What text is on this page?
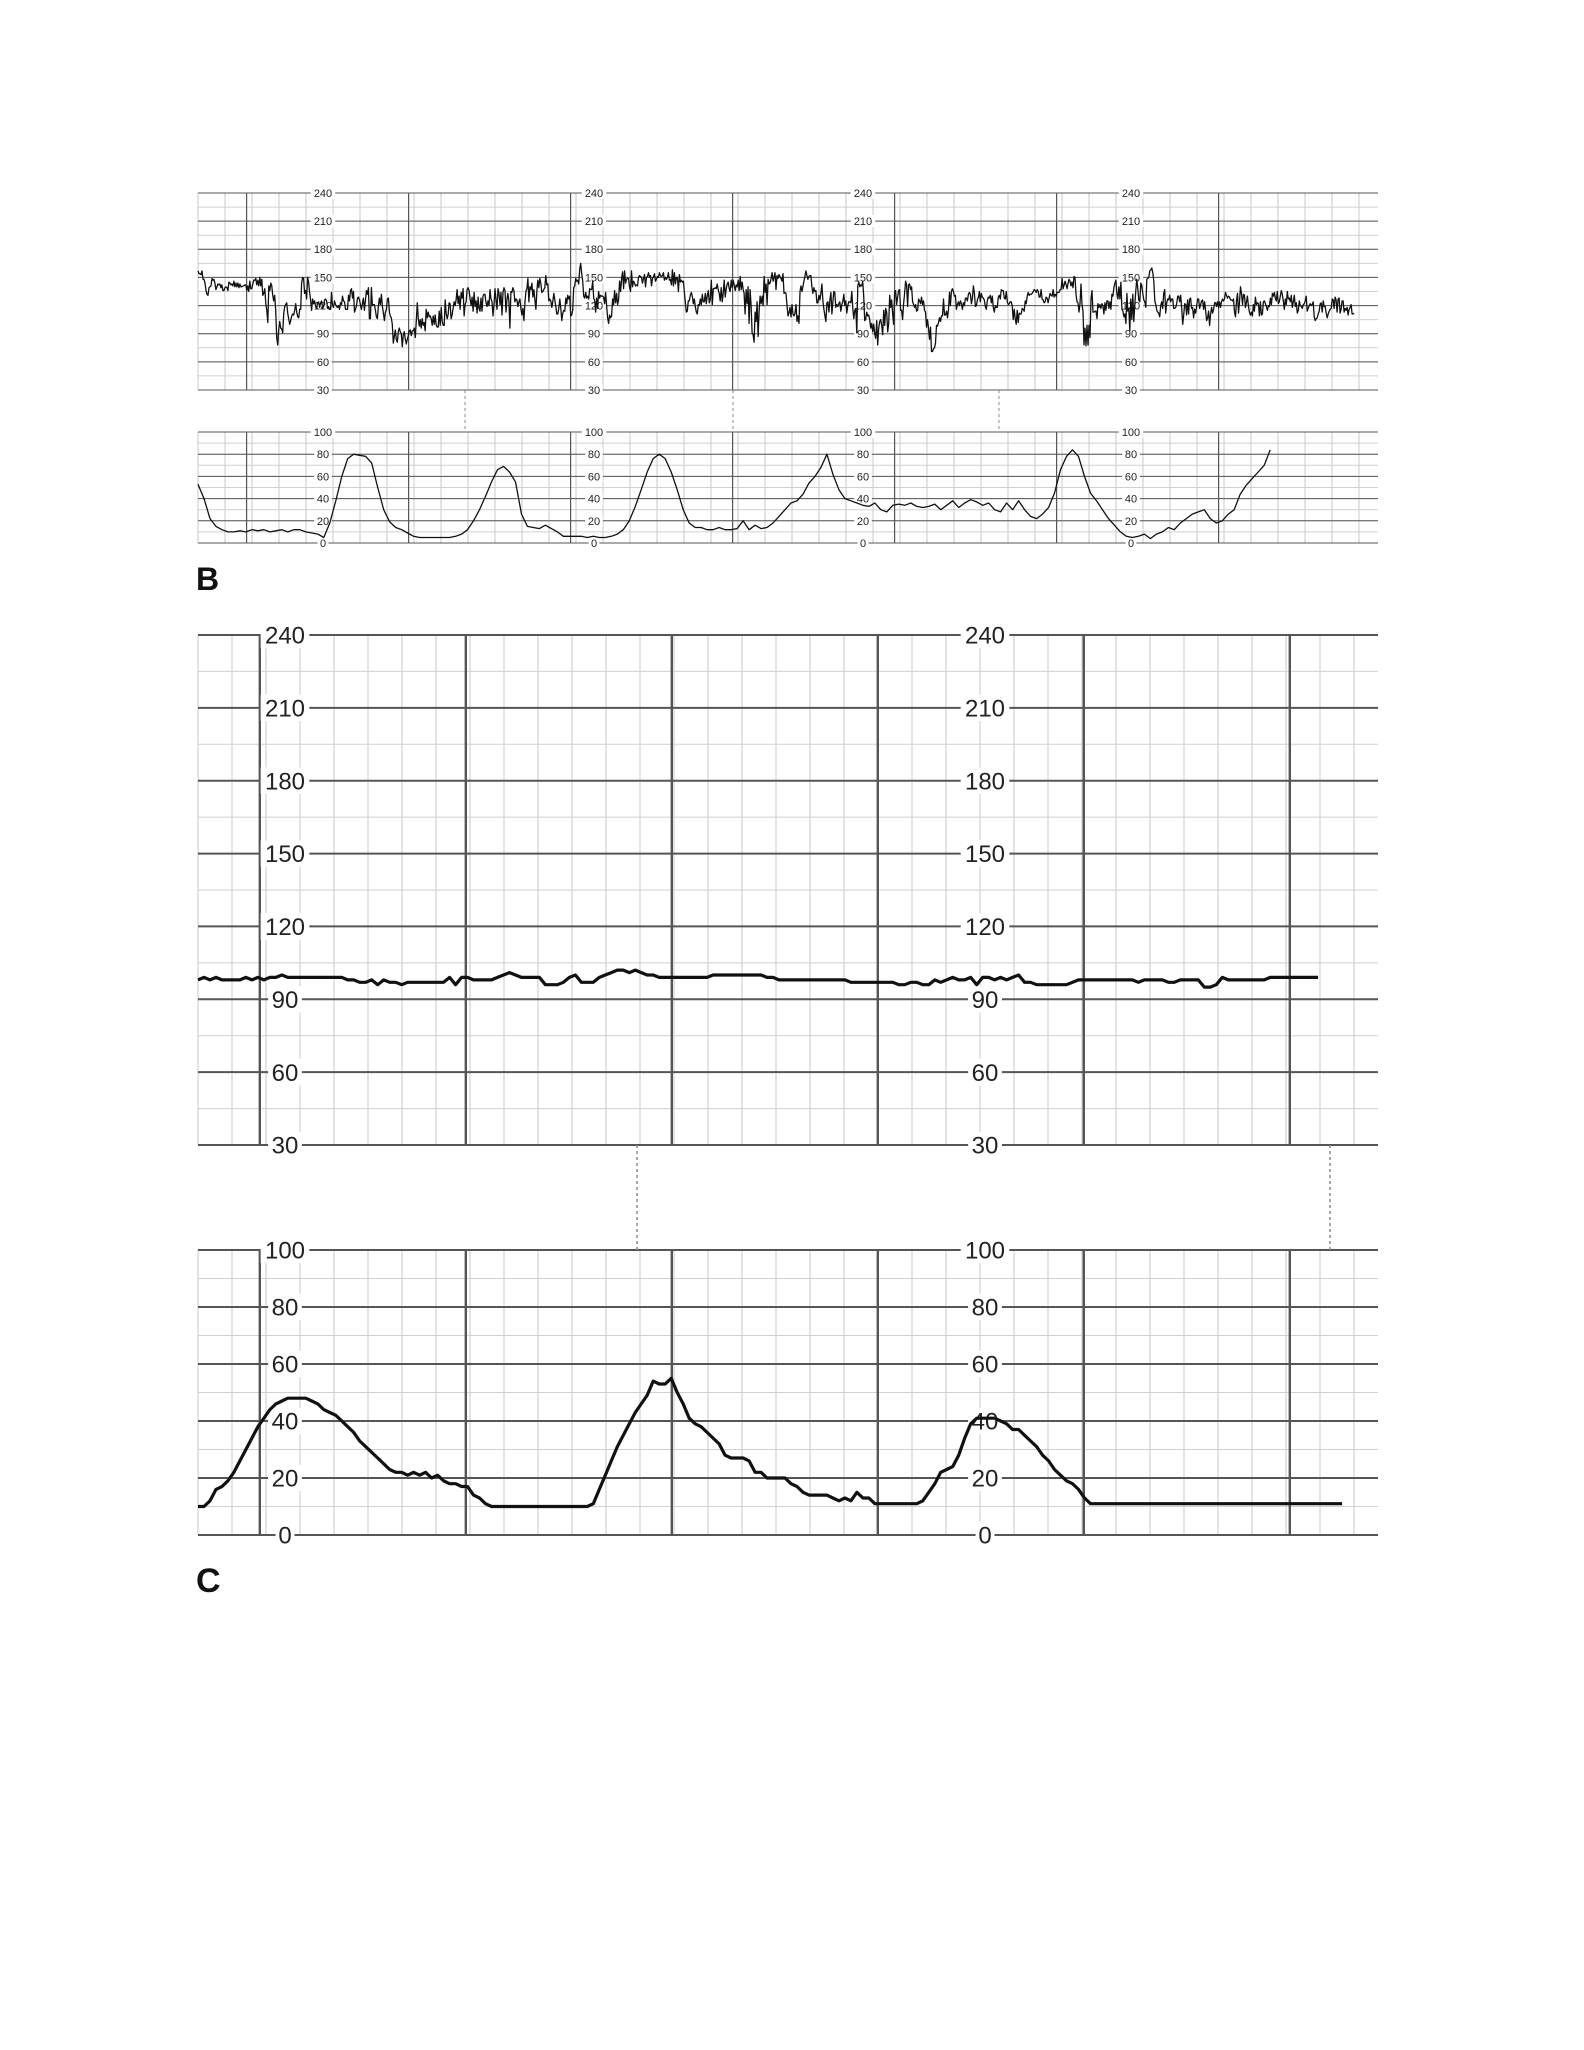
30
60
90
120
150
180
210
240
30
60
90
120
150
180
210
240
30
60
90
120
150
180
210
240
30
60
90
120
150
180
210
240
0
20
40
60
80
100
0
20
40
60
80
100
0
20
40
60
80
100
0
20
40
60
80
100
B
30
60
90
120
150
180
210
240
30
60
90
120
150
180
210
240
0
20
40
60
80
100
0
20
40
60
80
100
C
